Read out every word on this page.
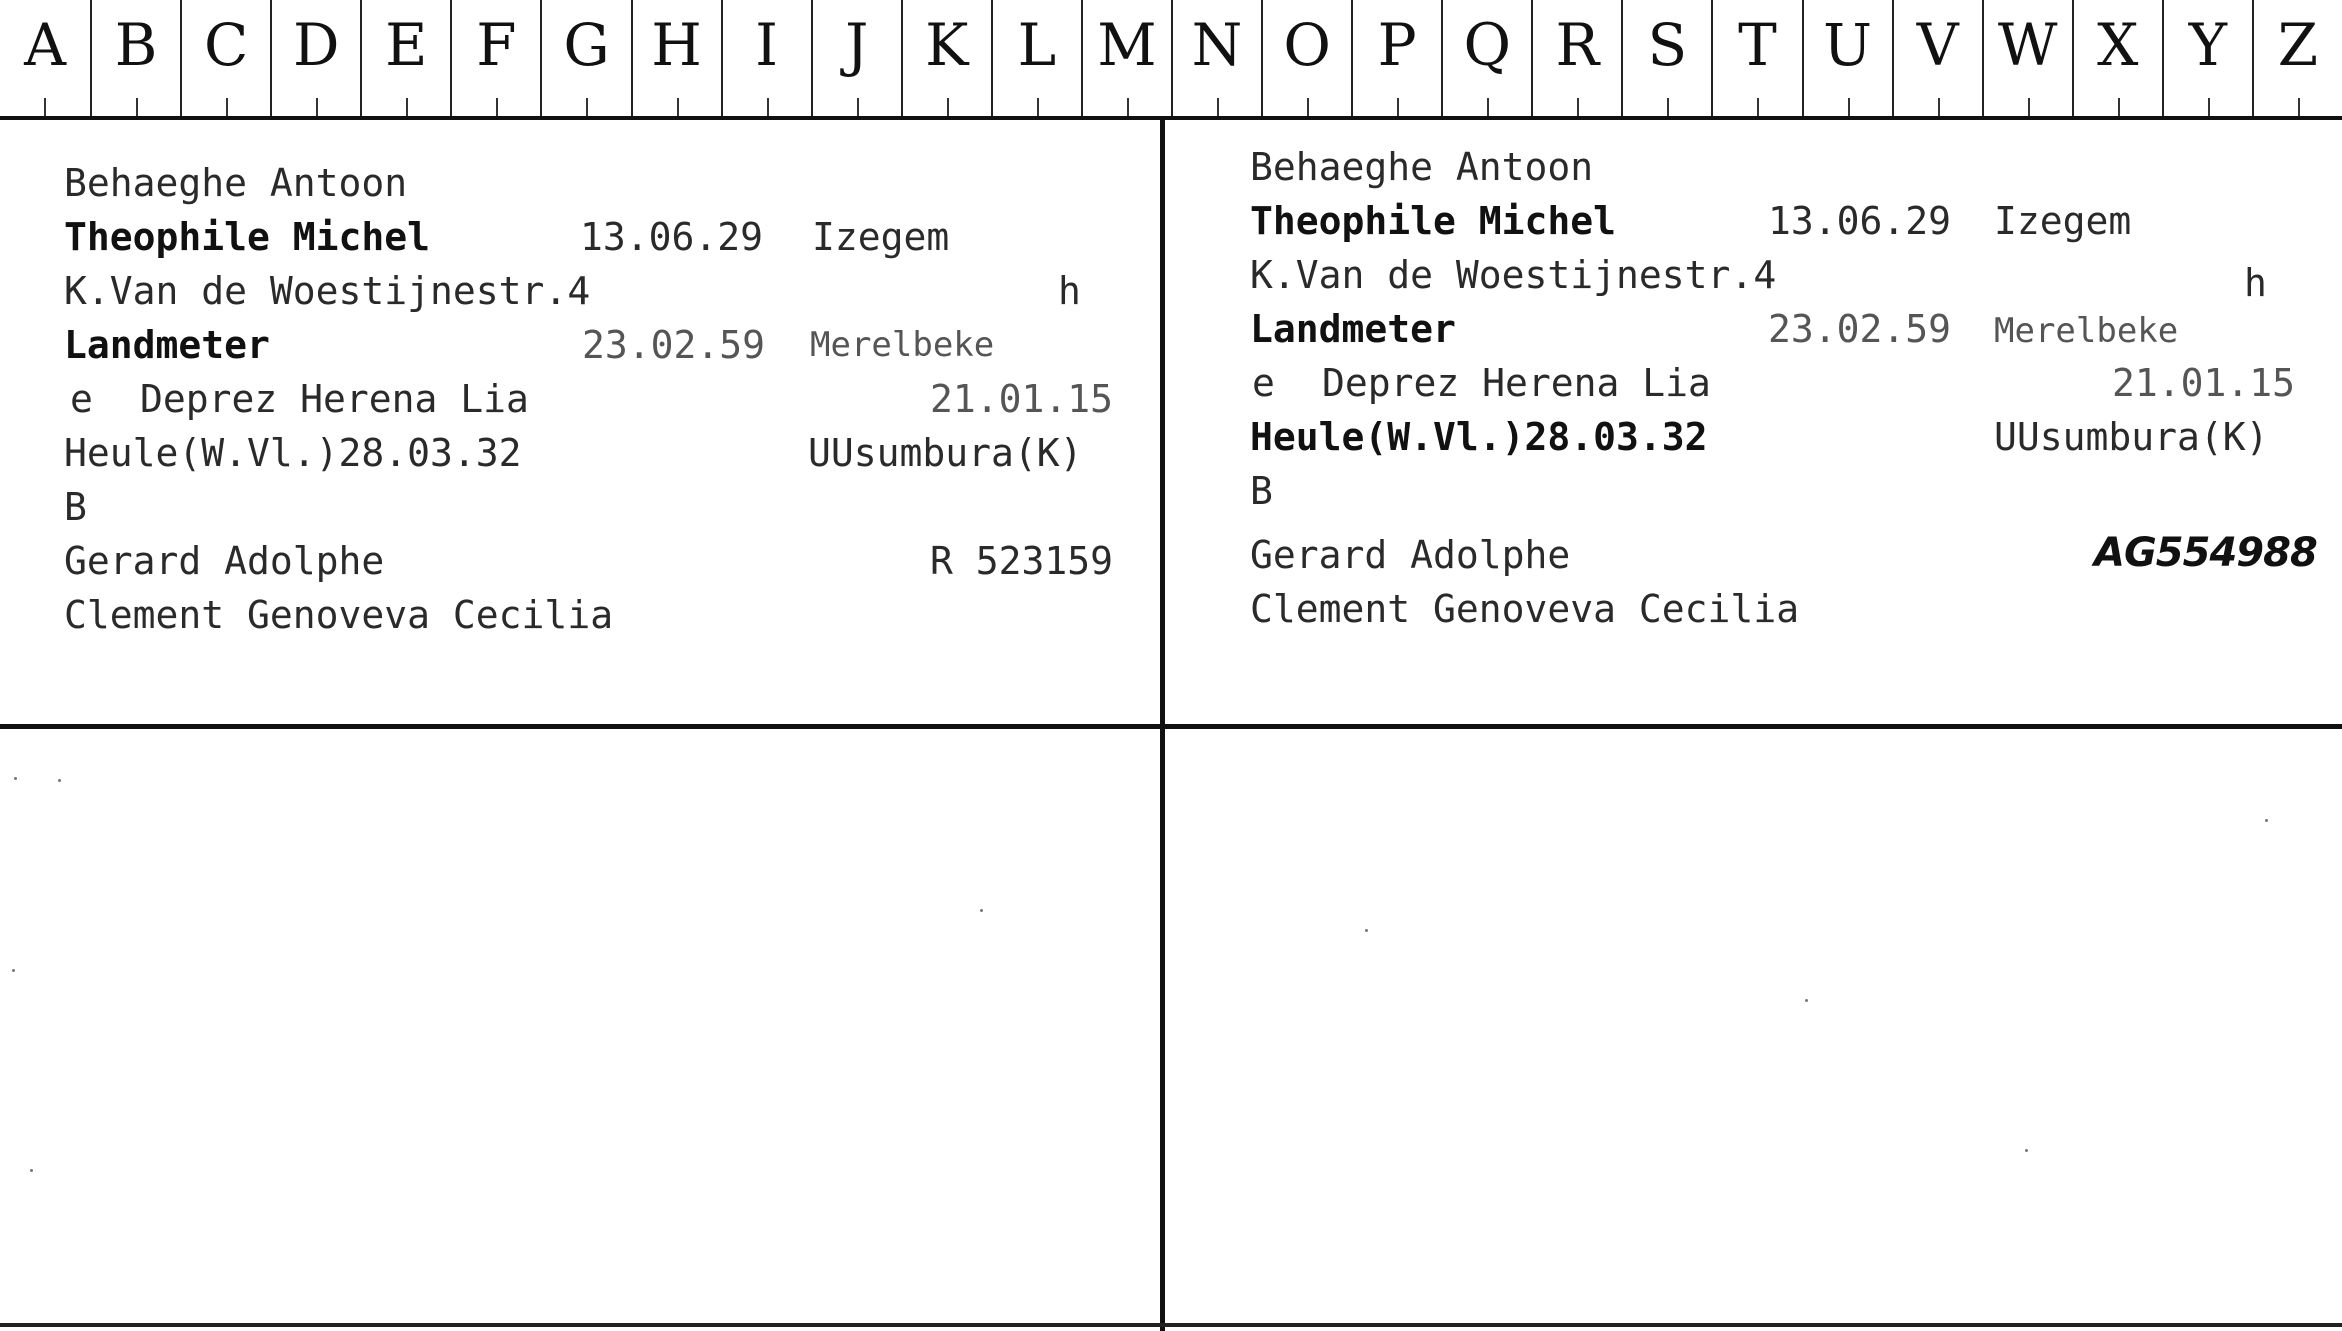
A B C D E F G H I	J K L M N O P Q R S T U V W X Y Z
Behaeghe Antoon
Theophile Michel	13.06.29 Izegem
K.Van de Woestijnestr.4	h
Landmeter	23.02.59 Merelbeke
e Deprez Herena Lia	21.01.15
Heule(W.Vl.)28.03.32	UUsumbura(K)
B
Gerard Adolphe	R 523159
Clement Genoveva Cecilia
Behaeghe Antoon
Theophile Michel	13.06.29 Izegem
K.Van de Woestijnestr.4	h
Landmeter	23.02.59 Merelbeke
e Deprez Herena Lia	21.01.15
Heule(W.Vl.)28.03.32	UUsumbura(K)
B
Gerard Adolphe	AG554988
Clement Genoveva Cecilia
